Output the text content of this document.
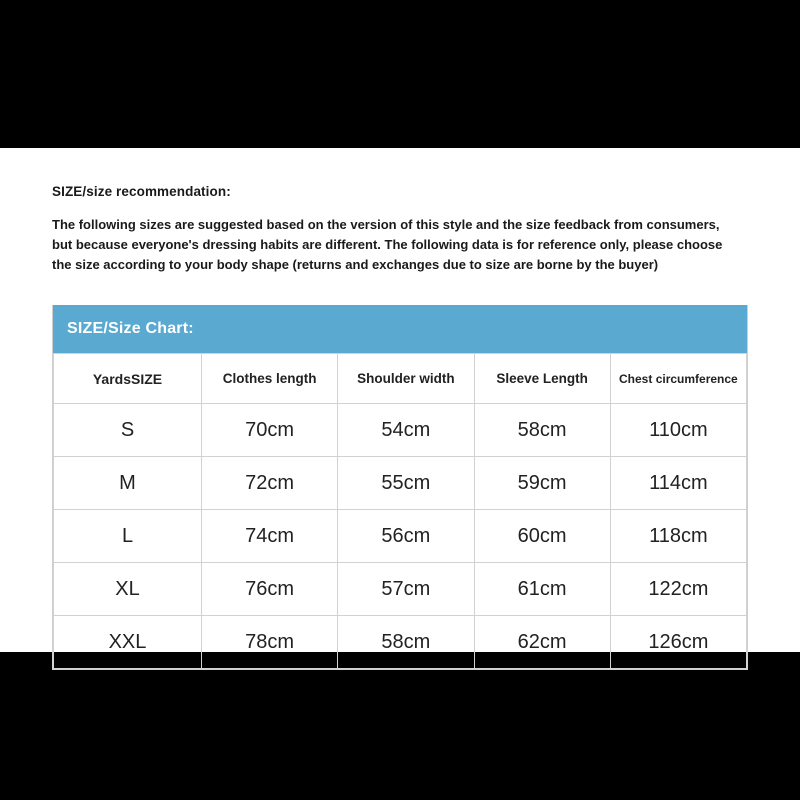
SIZE/size recommendation:

The following sizes are suggested based on the version of this style and the size feedback from consumers, but because everyone's dressing habits are different. The following data is for reference only, please choose the size according to your body shape (returns and exchanges due to size are borne by the buyer)

SIZE/Size Chart:
YardsSIZE	Clothes length	Shoulder width	Sleeve Length	Chest circumference
S	70cm	54cm	58cm	110cm
M	72cm	55cm	59cm	114cm
L	74cm	56cm	60cm	118cm
XL	76cm	57cm	61cm	122cm
XXL	78cm	58cm	62cm	126cm
